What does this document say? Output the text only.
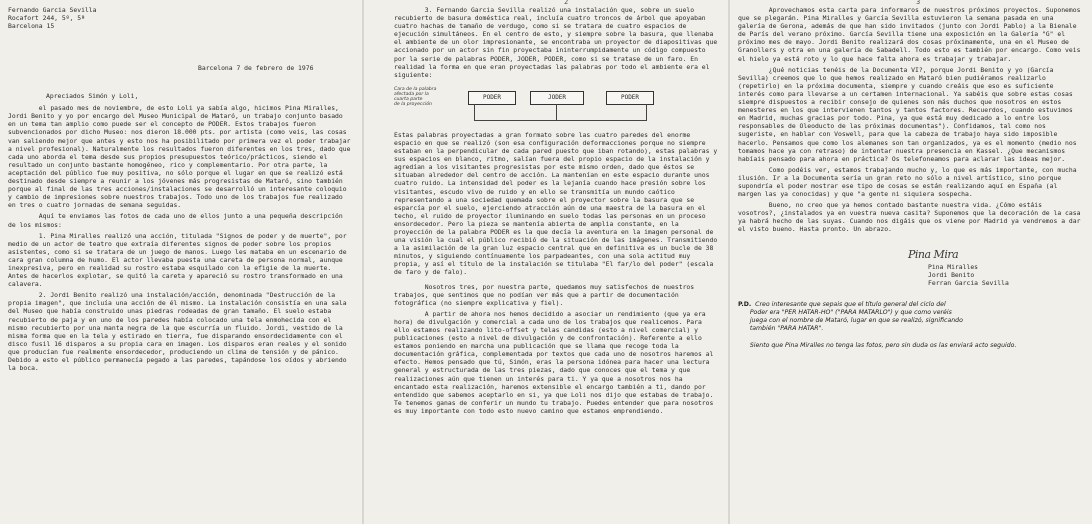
Fernando Garcia Sevilla
Rocafort 244, 5º, 5ª
Barcelona 15
Barcelona 7 de febrero de 1976
Apreciados Simón y Loli,

el pasado mes de noviembre, de esto Loli ya sabía algo, hicimos Pina Miralles, Jordi Benito y yo por encargo del Museo Municipal de Mataró, un trabajo conjunto basado en un tema tan amplio como puede ser el concepto de PODER. Estos trabajos fueron subvencionados por dicho Museo: nos dieron 18.000 pts. por artista (como veis, las cosas van saliendo mejor que antes y esto nos ha posibilitado por primera vez el poder trabajar a nivel profesional). Naturalmente los resultados fueron diferentes en los tres, dado que cada uno aborda el tema desde sus propios presupuestos teórico/prácticos, siendo el resultado un conjunto bastante homogéneo, rico y complementario. Por otra parte, la aceptación del público fue muy positiva, no sólo porque el lugar en que se realizó está destinado desde siempre a reunir a los jóvenes más progresistas de Mataró, sino también porque al final de las tres acciones/instalaciones se desarrolló un interesante coloquio y cambio de impresiones sobre nuestros trabajos. Todo uno de los trabajos fue realizado en tres o cuatro jornadas de semana seguidas.

Aquí te enviamos las fotos de cada uno de ellos junto a una pequeña descripción de los mismos:

1. Pina Miralles realizó una acción, titulada "Signos de poder y de muerte", por medio de un actor de teatro que extraía diferentes signos de poder sobre los propios asistentes, como si se tratara de un juego de manos. Luego les mataba en un escenario de cara gran columna de humo. El actor llevaba puesta una careta de persona normal, aunque inexpresiva, pero en realidad su rostro estaba esquilado con la efigie de la muerte. Antes de hacerlos explotar, se quitó la careta y apareció su rostro transformado en una calavera.

2. Jordi Benito realizó una instalación/acción, denominada "Destrucción de la propia imagen", que incluía una acción de él mismo. La instalación consistía en una sala del Museo que había construido unas piedras rodeadas de gran tamaño. El suelo estaba recubierto de paja y en uno de los paredes había colocado una tela enmohecida con el mismo recubierto por una manta negra de la que escurría un fluido. Jordi, vestido de la misma forma que en la tela y estirado en tierra, fue disparando ensordecidamente con el disco fusil 16 disparos a su propia cara en imagen. Los disparos eran reales y el sonido que producían fue realmente ensordecedor, produciendo un clima de tensión y de pánico. Debido a esto el público permanecía pegado a las paredes, tapándose los oídos y abriendo la boca.

2

3. Fernando Garcia Sevilla realizó una instalación que, sobre un suelo recubierto de basura doméstica real, incluía cuatro troncos de árbol que apoyaban cuatro hachas de tamaño de verdugo, como si se tratara de cuatro espacios de ejecución simultáneos. En el centro de esto, y siempre sobre la basura, que llenaba el ambiente de un olor impresionante, se encontraba un proyector de diapositivas que accionado por un actor sin fin proyectaba ininterrumpidamente un código compuesto por la serie de palabras PODER, JODER, PODER, como si se tratase de un faro. En realidad la forma en que eran proyectadas las palabras por todo el ambiente era el siguiente:

Cara de la palabra
afectada por la
cuarta parte
de la proyección
PODER	JODER	PODER

Estas palabras proyectadas a gran formato sobre las cuatro paredes del enorme espacio en que se realizó (son esa configuración deformacciones porque no siempre estaban en la perpendicular de cada pared puesto que iban rotando), estas palabras y sus espacios en blanco, ritmo, salían fuera del propio espacio de la instalación y agredían a los visitantes progresistas por este mismo orden, dado que éstos se situaban alrededor del centro de acción. La mantenían en este espacio durante unos cuatro ruido. La intensidad del poder es la lejanía cuando hace presión sobre los visitantes, escudo vivo de ruido y en ello se transmitía un mundo caótico representando a una sociedad quemada sobre el proyector sobre la basura que se esparcía por el suelo, ejerciendo atracción aún de una maestra de la basura en el techo, el ruido de proyector iluminando en suelo todas las personas en un proceso ensordecedor. Pero la pieza se mantenía abierta de amplia constante, en la proyección de la palabra PODER es la que decía la aventura en la imagen personal de una visión la cual el público recibió de la situación de las imágenes. Transmitiendo a la asimilación de la gran luz espacio central que en definitiva es un bucle de 38 minutos, y siguiendo contínuamente los parpadeantes, con una sola actitud muy propia, y así el título de la instalación se titulaba "El far/lo del poder" (escala de faro y de falo).

Nosotros tres, por nuestra parte, quedamos muy satisfechos de nuestros trabajos, que sentimos que no podían ver más que a partir de documentación fotográfica (no siempre explicativa y fiel).

A partir de ahora nos hemos decidido a asociar un rendimiento (que ya era hora) de divulgación y comercial a cada uno de los trabajos que realicemos. Para ello estamos realizando lito-offset y telas candidas (esto a nivel comercial) y publicaciones (esto a nivel de divulgación y de confrontación). Referente a ello estamos poniendo en marcha una publicación que se llama que recoge toda la documentación gráfica, complementada por textos que cada uno de nosotros haremos al efecto. Hemos pensado que tú, Simón, eras la persona idónea para hacer una lectura general y estructurada de las tres piezas, dado que conoces que el tema y que realizaciones aún que tienen un interés para ti. Y ya que a nosotros nos ha encantado esta realización, haremos extensible el encargo también a ti, dando por entendido que sabemos aceptarlo en si, ya que Loli nos dijo que estabas de trabajo. Te tenemos ganas de conferir un mundo tu trabajo. Puedes entender que para nosotros es muy importante con todo esto nuevo camino que estamos emprendiendo.

3

Aprovechamos esta carta para informaros de nuestros próximos proyectos. Suponemos que se plegarán. Pina Miralles y García Sevilla estuvieron la semana pasada en una galería de Gerona, además de que han sido invitados (junto con Jordi Pablo) a la Bienale de París del verano próximo. García Sevilla tiene una exposición en la Galería "G" el próximo mes de mayo. Jordi Benito realizará dos cosas próximamente, una en el Museo de Granollers y otra en una galería de Sabadell. Todo esto es también por encargo. Como veis el hielo ya está roto y lo que hace falta ahora es trabajar y trabajar.

¿Qué noticias tenéis de la Documenta VI?, porque Jordi Benito y yo (García Sevilla) creemos que lo que hemos realizado en Mataró bien pudiéramos realizarlo (repetirlo) en la próxima documenta, siempre y cuando creáis que eso es suficiente interés como para llevarse a un certamen internacional. Ya sabéis que sobre estas cosas siempre dispuestos a recibir consejo de quienes son más duchos que nosotros en estos menesteres en los que intervienen tantos y tantos factores. Recuerdos, cuando estuvimos en Madrid, muchas gracias por todo. Pina, ya que está muy dedicado a lo entre los responsables de Oleoducto de las próximas documentas"). Confidamos, tal como nos sugeriste, en hablar con Voswell, para que la cabeza de trabajo haya sido imposible hacerlo. Pensamos que como los alemanes son tan organizados, ya es el momento (medio nos tomamos hace ya con retraso) de intentar nuestra presencia en Kassel. ¿Que mecanismos habíais pensado para ahora en práctica? Os telefoneamos para aclarar las ideas mejor.

Como podéis ver, estamos trabajando mucho y, lo que es más importante, con mucha ilusión. Ir a la Documenta sería un gran reto no sólo a nivel artístico, sino porque supondría el poder mostrar ese tipo de cosas se están realizando aquí en España (al margen las ya conocidas) y que "a gente ni siquiera sospecha.

Bueno, no creo que ya hemos contado bastante nuestra vida. ¿Cómo estáis vosotros?, ¿instalados ya en vuestra nueva casita? Suponemos que la decoración de la casa ya habrá hecho de las suyas. Cuando nos digáis que os viene por Madrid ya vendremos a dar el visto bueno. Hasta pronto. Un abrazo.

Pina Mira
Pina Miralles
Jordi Benito
Ferran Garcia Sevilla
P.D. Creo interesante que sepais que el título general del ciclo del
Poder era "PER HATAR-HO" ("PARA MATARLO") y que como veréis
juega con el nombre de Mataró, lugar en que se realizó, significando
también "PARA HATAR".

Siento que Pina Miralles no tenga las fotos, pero sin duda os las enviará acto seguido.
